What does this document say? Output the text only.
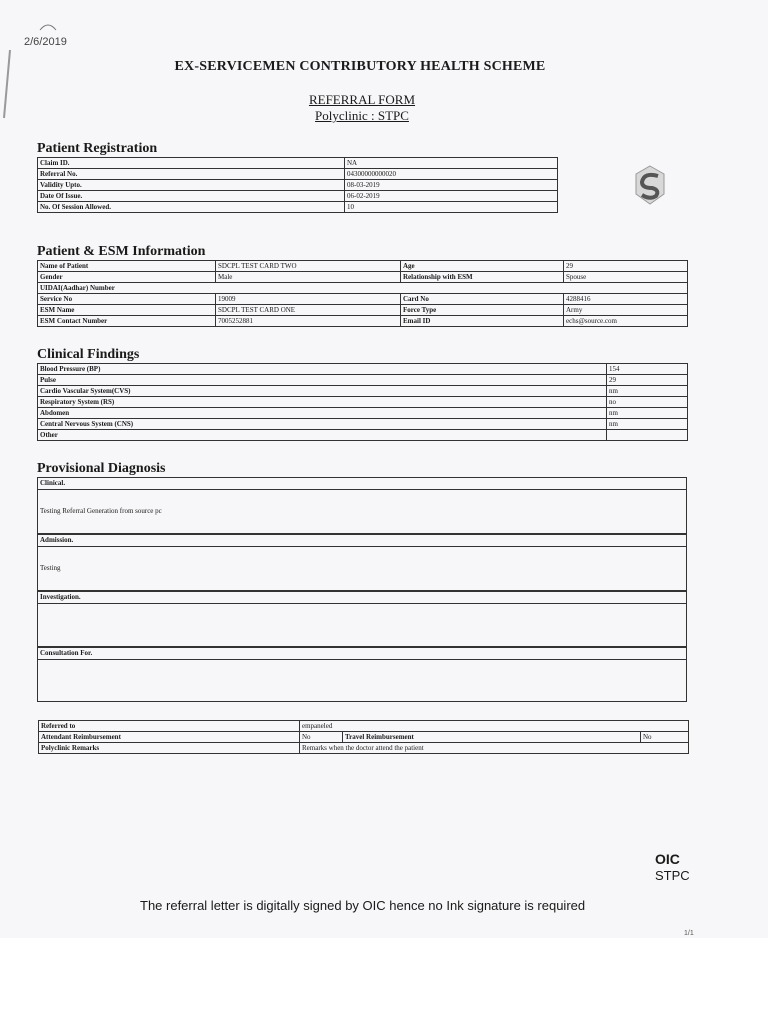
2/6/2019
EX-SERVICEMEN CONTRIBUTORY HEALTH SCHEME
REFERRAL FORM
Polyclinic : STPC
Patient Registration
Claim ID.	NA
Referral No.	04300000000020
Validity Upto.	08-03-2019
Date Of Issue.	06-02-2019
No. Of Session Allowed.	10
Patient & ESM Information
Name of Patient	SDCPL TEST CARD TWO	Age	29
Gender	Male	Relationship with ESM	Spouse
UIDAI(Aadhar) Number			
Service No	19009	Card No	4288416
ESM Name	SDCPL TEST CARD ONE	Force Type	Army
ESM Contact Number	7005252881	Email ID	echs@source.com
Clinical Findings
Blood Pressure (BP)	154
Pulse	29
Cardio Vascular System(CVS)	nm
Respiratory System (RS)	no
Abdomen	nm
Central Nervous System (CNS)	nm
Other	
Provisional Diagnosis
Clinical.
Testing Referral Generation from source pc
Admission.
Testing
Investigation.
Consultation For.
Referred to	empaneled		
Attendant Reimbursement	No	Travel Reimbursement	No
Polyclinic Remarks	Remarks when the doctor attend the patient		
OIC
STPC
The referral letter is digitally signed by OIC hence no Ink signature is required
1/1
